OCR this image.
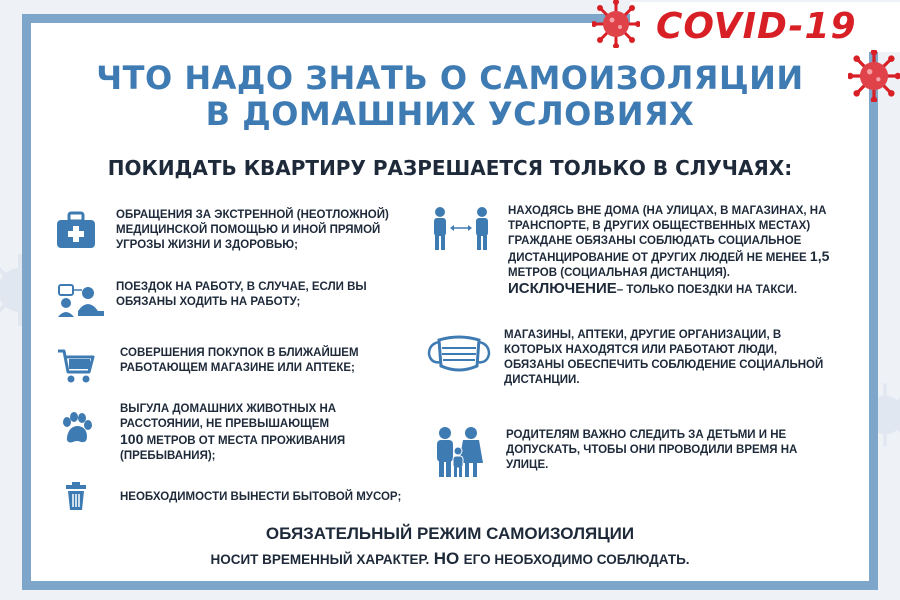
COVID-19
ЧТО НАДО ЗНАТЬ О САМОИЗОЛЯЦИИ
В ДОМАШНИХ УСЛОВИЯХ
ПОКИДАТЬ КВАРТИРУ РАЗРЕШАЕТСЯ ТОЛЬКО В СЛУЧАЯХ:
ОБРАЩЕНИЯ ЗА ЭКСТРЕННОЙ (НЕОТЛОЖНОЙ) МЕДИЦИНСКОЙ ПОМОЩЬЮ И ИНОЙ ПРЯМОЙ УГРОЗЫ ЖИЗНИ И ЗДОРОВЬЮ;
ПОЕЗДОК НА РАБОТУ, В СЛУЧАЕ, ЕСЛИ ВЫ ОБЯЗАНЫ ХОДИТЬ НА РАБОТУ;
СОВЕРШЕНИЯ ПОКУПОК В БЛИЖАЙШЕМ РАБОТАЮЩЕМ МАГАЗИНЕ ИЛИ АПТЕКЕ;
ВЫГУЛА ДОМАШНИХ ЖИВОТНЫХ НА РАССТОЯНИИ, НЕ ПРЕВЫШАЮЩЕМ
100 МЕТРОВ ОТ МЕСТА ПРОЖИВАНИЯ (ПРЕБЫВАНИЯ);
НЕОБХОДИМОСТИ ВЫНЕСТИ БЫТОВОЙ МУСОР;
НАХОДЯСЬ ВНЕ ДОМА (НА УЛИЦАХ, В МАГАЗИНАХ, НА ТРАНСПОРТЕ, В ДРУГИХ ОБЩЕСТВЕННЫХ МЕСТАХ) ГРАЖДАНЕ ОБЯЗАНЫ СОБЛЮДАТЬ СОЦИАЛЬНОЕ ДИСТАНЦИРОВАНИЕ ОТ ДРУГИХ ЛЮДЕЙ НЕ МЕНЕЕ 1,5 МЕТРОВ (СОЦИАЛЬНАЯ ДИСТАНЦИЯ).
ИСКЛЮЧЕНИЕ– ТОЛЬКО ПОЕЗДКИ НА ТАКСИ.
МАГАЗИНЫ, АПТЕКИ, ДРУГИЕ ОРГАНИЗАЦИИ, В КОТОРЫХ НАХОДЯТСЯ ИЛИ РАБОТАЮТ ЛЮДИ, ОБЯЗАНЫ ОБЕСПЕЧИТЬ СОБЛЮДЕНИЕ СОЦИАЛЬНОЙ ДИСТАНЦИИ.
РОДИТЕЛЯМ ВАЖНО СЛЕДИТЬ ЗА ДЕТЬМИ И НЕ ДОПУСКАТЬ, ЧТОБЫ ОНИ ПРОВОДИЛИ ВРЕМЯ НА УЛИЦЕ.
ОБЯЗАТЕЛЬНЫЙ РЕЖИМ САМОИЗОЛЯЦИИ
НОСИТ ВРЕМЕННЫЙ ХАРАКТЕР. НО ЕГО НЕОБХОДИМО СОБЛЮДАТЬ.
